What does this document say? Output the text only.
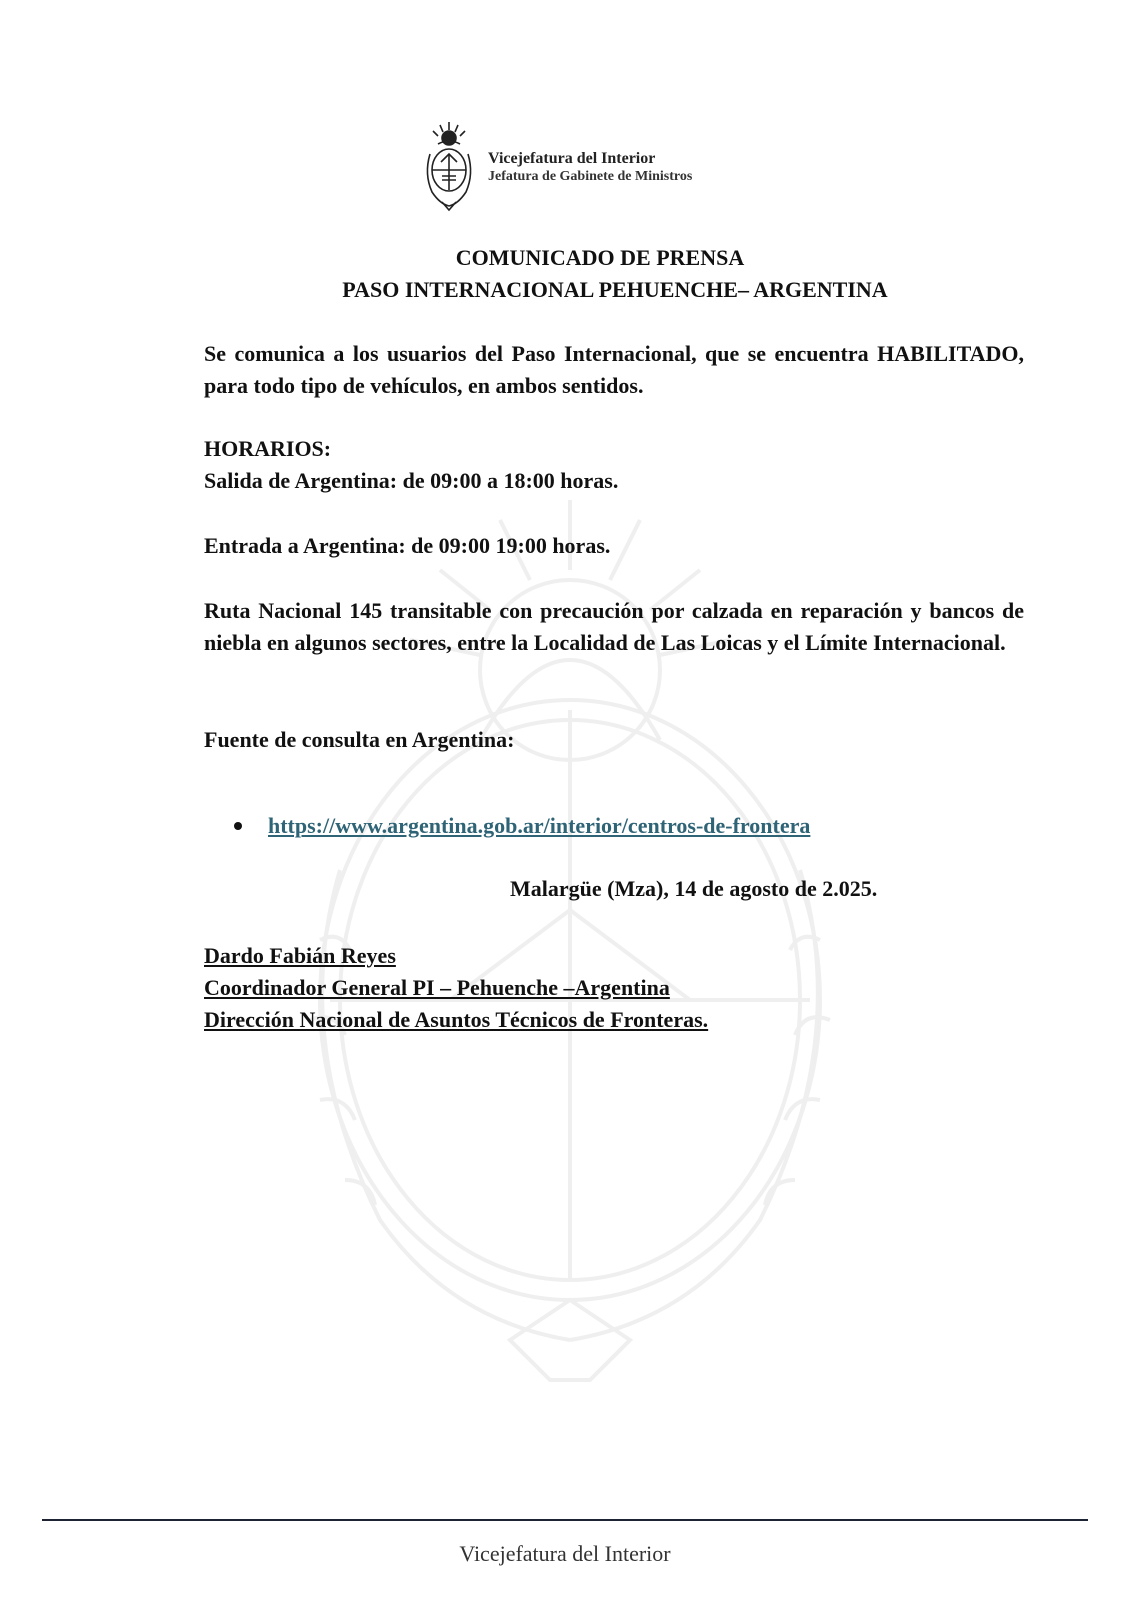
Vicejefatura del Interior
Jefatura de Gabinete de Ministros
COMUNICADO DE PRENSA
PASO INTERNACIONAL PEHUENCHE– ARGENTINA
Se comunica a los usuarios del Paso Internacional, que se encuentra HABILITADO, para todo tipo de vehículos, en ambos sentidos.
HORARIOS:
Salida de Argentina: de 09:00 a 18:00 horas.
Entrada a Argentina: de 09:00 19:00 horas.
Ruta Nacional 145 transitable con precaución por calzada en reparación y bancos de niebla en algunos sectores, entre la Localidad de Las Loicas y el Límite Internacional.
Fuente de consulta en Argentina:
https://www.argentina.gob.ar/interior/centros-de-frontera
Malargüe (Mza), 14 de agosto de 2.025.
Dardo Fabián Reyes
Coordinador General PI – Pehuenche –Argentina
Dirección Nacional de Asuntos Técnicos de Fronteras.
Vicejefatura del Interior
